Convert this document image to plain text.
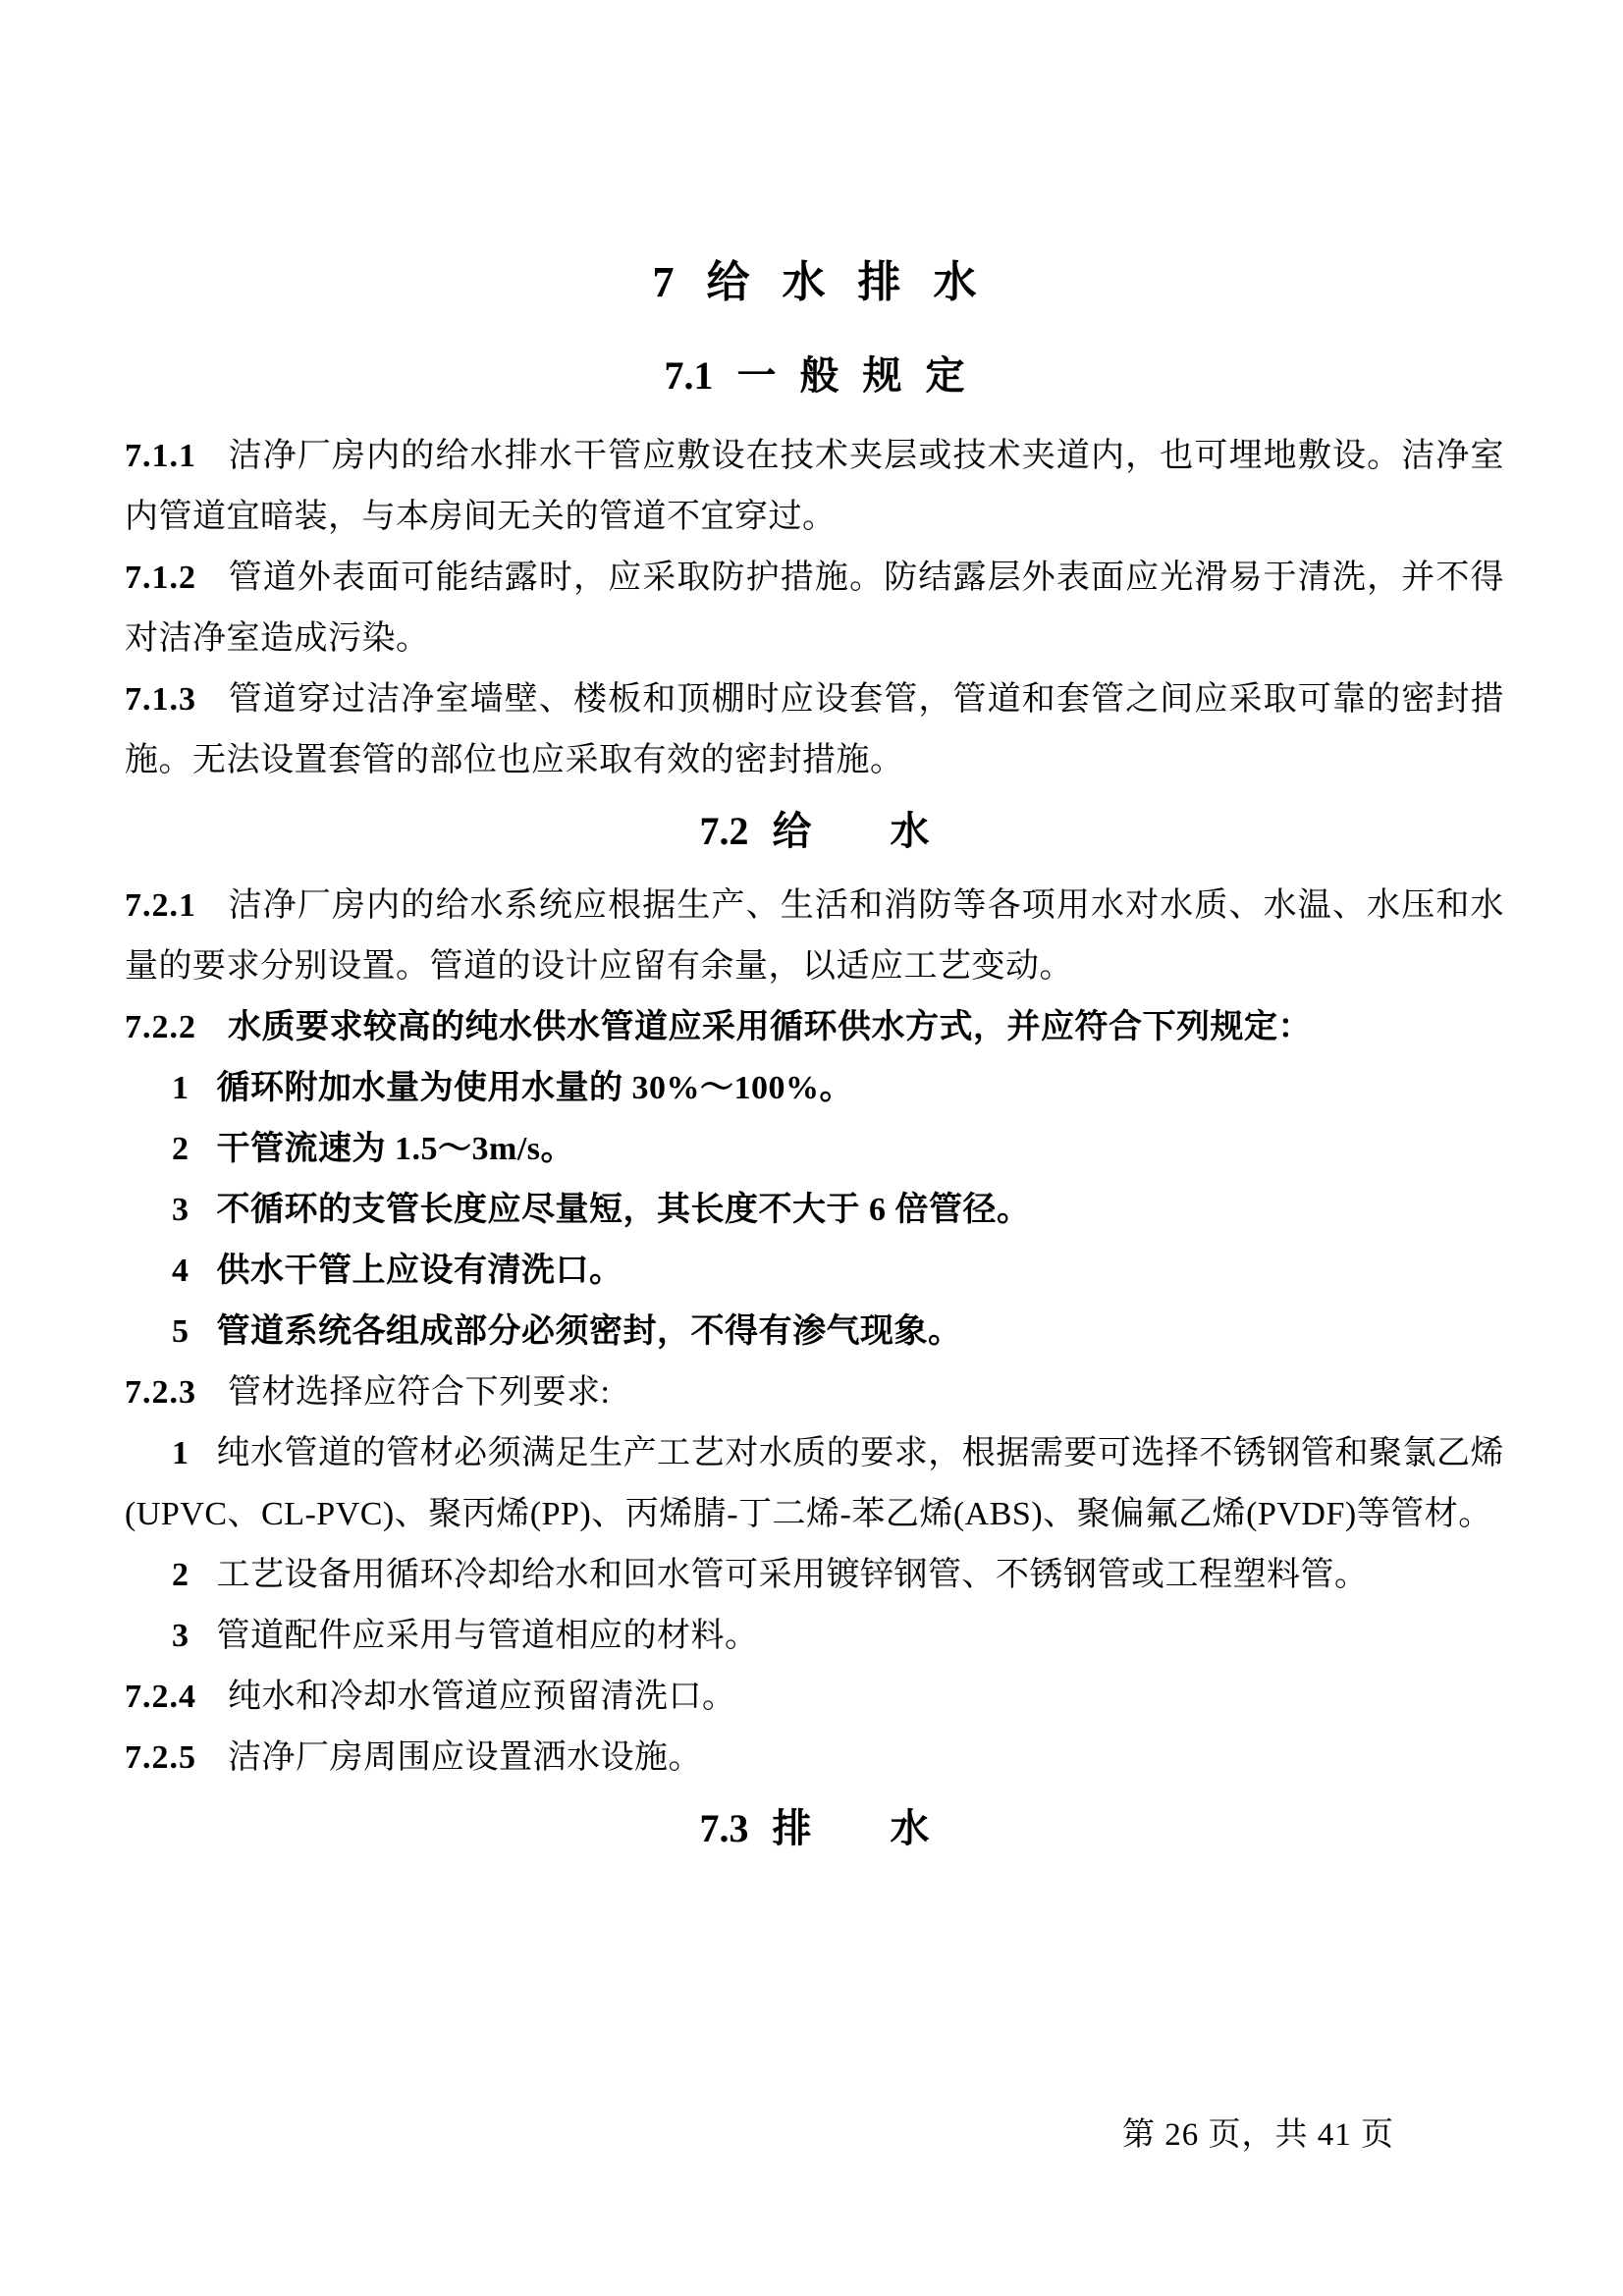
7 给 水 排 水
7.1 一 般 规 定

7.1.1 洁净厂房内的给水排水干管应敷设在技术夹层或技术夹道内，也可埋地敷设。洁净室内管道宜暗装，与本房间无关的管道不宜穿过。

7.1.2 管道外表面可能结露时，应采取防护措施。防结露层外表面应光滑易于清洗，并不得对洁净室造成污染。

7.1.3 管道穿过洁净室墙壁、楼板和顶棚时应设套管，管道和套管之间应采取可靠的密封措施。无法设置套管的部位也应采取有效的密封措施。

7.2 给　　水

7.2.1 洁净厂房内的给水系统应根据生产、生活和消防等各项用水对水质、水温、水压和水量的要求分别设置。管道的设计应留有余量，以适应工艺变动。

7.2.2 水质要求较高的纯水供水管道应采用循环供水方式，并应符合下列规定：

1 循环附加水量为使用水量的 30%～100%。

2 干管流速为 1.5～3m/s。

3 不循环的支管长度应尽量短，其长度不大于 6 倍管径。

4 供水干管上应设有清洗口。

5 管道系统各组成部分必须密封，不得有渗气现象。

7.2.3 管材选择应符合下列要求:

1 纯水管道的管材必须满足生产工艺对水质的要求，根据需要可选择不锈钢管和聚氯乙烯(UPVC、CL-PVC)、聚丙烯(PP)、丙烯腈-丁二烯-苯乙烯(ABS)、聚偏氟乙烯(PVDF)等管材。

2 工艺设备用循环冷却给水和回水管可采用镀锌钢管、不锈钢管或工程塑料管。

3 管道配件应采用与管道相应的材料。

7.2.4 纯水和冷却水管道应预留清洗口。

7.2.5 洁净厂房周围应设置洒水设施。

7.3 排　　水
第 26 页，共 41 页
